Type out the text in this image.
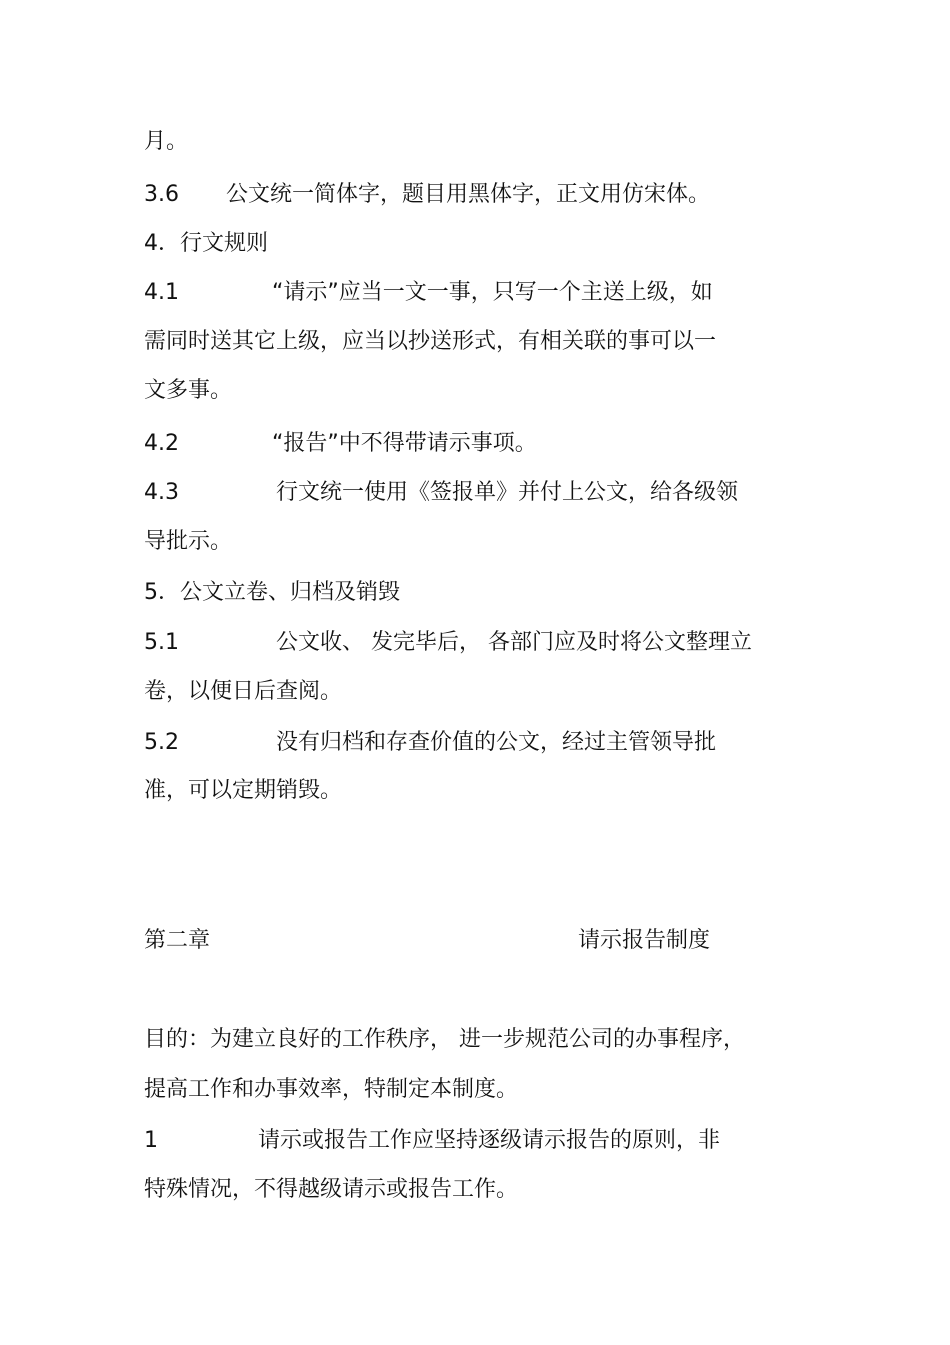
月。
3.6 公文统一简体字，题目用黑体字，正文用仿宋体。
4．行文规则
4.1	“请示”应当一文一事，只写一个主送上级，如
需同时送其它上级，应当以抄送形式，有相关联的事可以一
文多事。
4.2	“报告”中不得带请示事项。
4.3	行文统一使用《签报单》并付上公文，给各级领
导批示。
5．公文立卷、归档及销毁
5.1	公文收、 发完毕后， 各部门应及时将公文整理立
卷，以便日后查阅。
5.2	没有归档和存查价值的公文，经过主管领导批
准，可以定期销毁。
第二章	请示报告制度
目的：为建立良好的工作秩序， 进一步规范公司的办事程序，
提高工作和办事效率，特制定本制度。
1	请示或报告工作应坚持逐级请示报告的原则，非
特殊情况，不得越级请示或报告工作。
